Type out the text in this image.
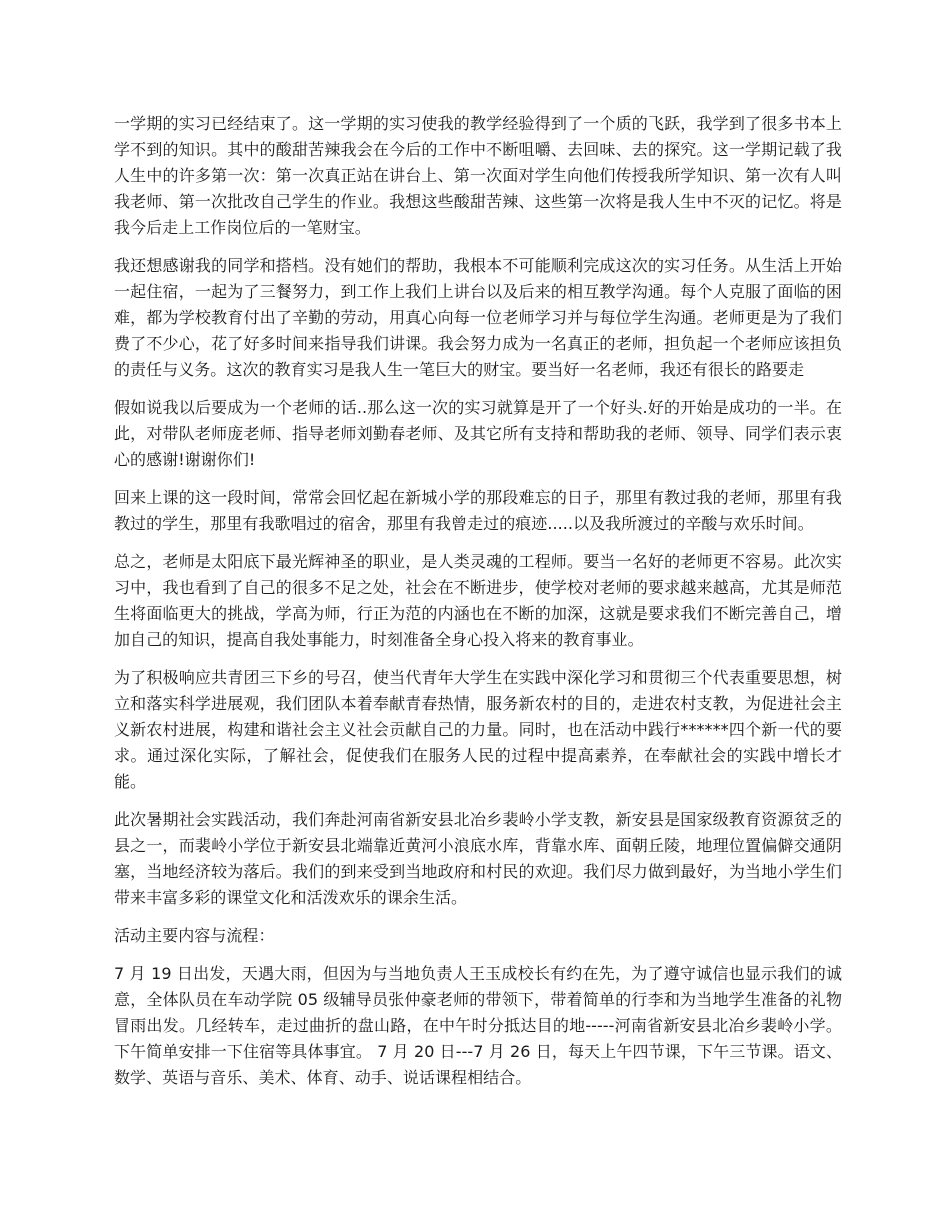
一学期的实习已经结束了。这一学期的实习使我的教学经验得到了一个质的飞跃，我学到了很多书本上学不到的知识。其中的酸甜苦辣我会在今后的工作中不断咀嚼、去回味、去的探究。这一学期记载了我人生中的许多第一次：第一次真正站在讲台上、第一次面对学生向他们传授我所学知识、第一次有人叫我老师、第一次批改自己学生的作业。我想这些酸甜苦辣、这些第一次将是我人生中不灭的记忆。将是我今后走上工作岗位后的一笔财宝。

我还想感谢我的同学和搭档。没有她们的帮助，我根本不可能顺利完成这次的实习任务。从生活上开始一起住宿，一起为了三餐努力，到工作上我们上讲台以及后来的相互教学沟通。每个人克服了面临的困难，都为学校教育付出了辛勤的劳动，用真心向每一位老师学习并与每位学生沟通。老师更是为了我们费了不少心，花了好多时间来指导我们讲课。我会努力成为一名真正的老师，担负起一个老师应该担负的责任与义务。这次的教育实习是我人生一笔巨大的财宝。要当好一名老师，我还有很长的路要走

假如说我以后要成为一个老师的话..那么这一次的实习就算是开了一个好头.好的开始是成功的一半。在此，对带队老师庞老师、指导老师刘勤春老师、及其它所有支持和帮助我的老师、领导、同学们表示衷心的感谢!谢谢你们!

回来上课的这一段时间，常常会回忆起在新城小学的那段难忘的日子，那里有教过我的老师，那里有我教过的学生，那里有我歌唱过的宿舍，那里有我曾走过的痕迹.....以及我所渡过的辛酸与欢乐时间。

总之，老师是太阳底下最光辉神圣的职业，是人类灵魂的工程师。要当一名好的老师更不容易。此次实习中，我也看到了自己的很多不足之处，社会在不断进步，使学校对老师的要求越来越高，尤其是师范生将面临更大的挑战，学高为师，行正为范的内涵也在不断的加深，这就是要求我们不断完善自己，增加自己的知识，提高自我处事能力，时刻准备全身心投入将来的教育事业。

为了积极响应共青团三下乡的号召，使当代青年大学生在实践中深化学习和贯彻三个代表重要思想，树立和落实科学进展观，我们团队本着奉献青春热情，服务新农村的目的，走进农村支教，为促进社会主义新农村进展，构建和谐社会主义社会贡献自己的力量。同时，也在活动中践行******四个新一代的要求。通过深化实际，了解社会，促使我们在服务人民的过程中提高素养，在奉献社会的实践中增长才能。

此次暑期社会实践活动，我们奔赴河南省新安县北冶乡裴岭小学支教，新安县是国家级教育资源贫乏的县之一，而裴岭小学位于新安县北端靠近黄河小浪底水库，背靠水库、面朝丘陵，地理位置偏僻交通阴塞，当地经济较为落后。我们的到来受到当地政府和村民的欢迎。我们尽力做到最好，为当地小学生们带来丰富多彩的课堂文化和活泼欢乐的课余生活。

活动主要内容与流程：

7 月 19 日出发，天遇大雨，但因为与当地负责人王玉成校长有约在先，为了遵守诚信也显示我们的诚意，全体队员在车动学院 05 级辅导员张仲豪老师的带领下，带着简单的行李和为当地学生准备的礼物冒雨出发。几经转车，走过曲折的盘山路，在中午时分抵达目的地-----河南省新安县北冶乡裴岭小学。 下午简单安排一下住宿等具体事宜。 7 月 20 日---7 月 26 日，每天上午四节课，下午三节课。语文、数学、英语与音乐、美术、体育、动手、说话课程相结合。
